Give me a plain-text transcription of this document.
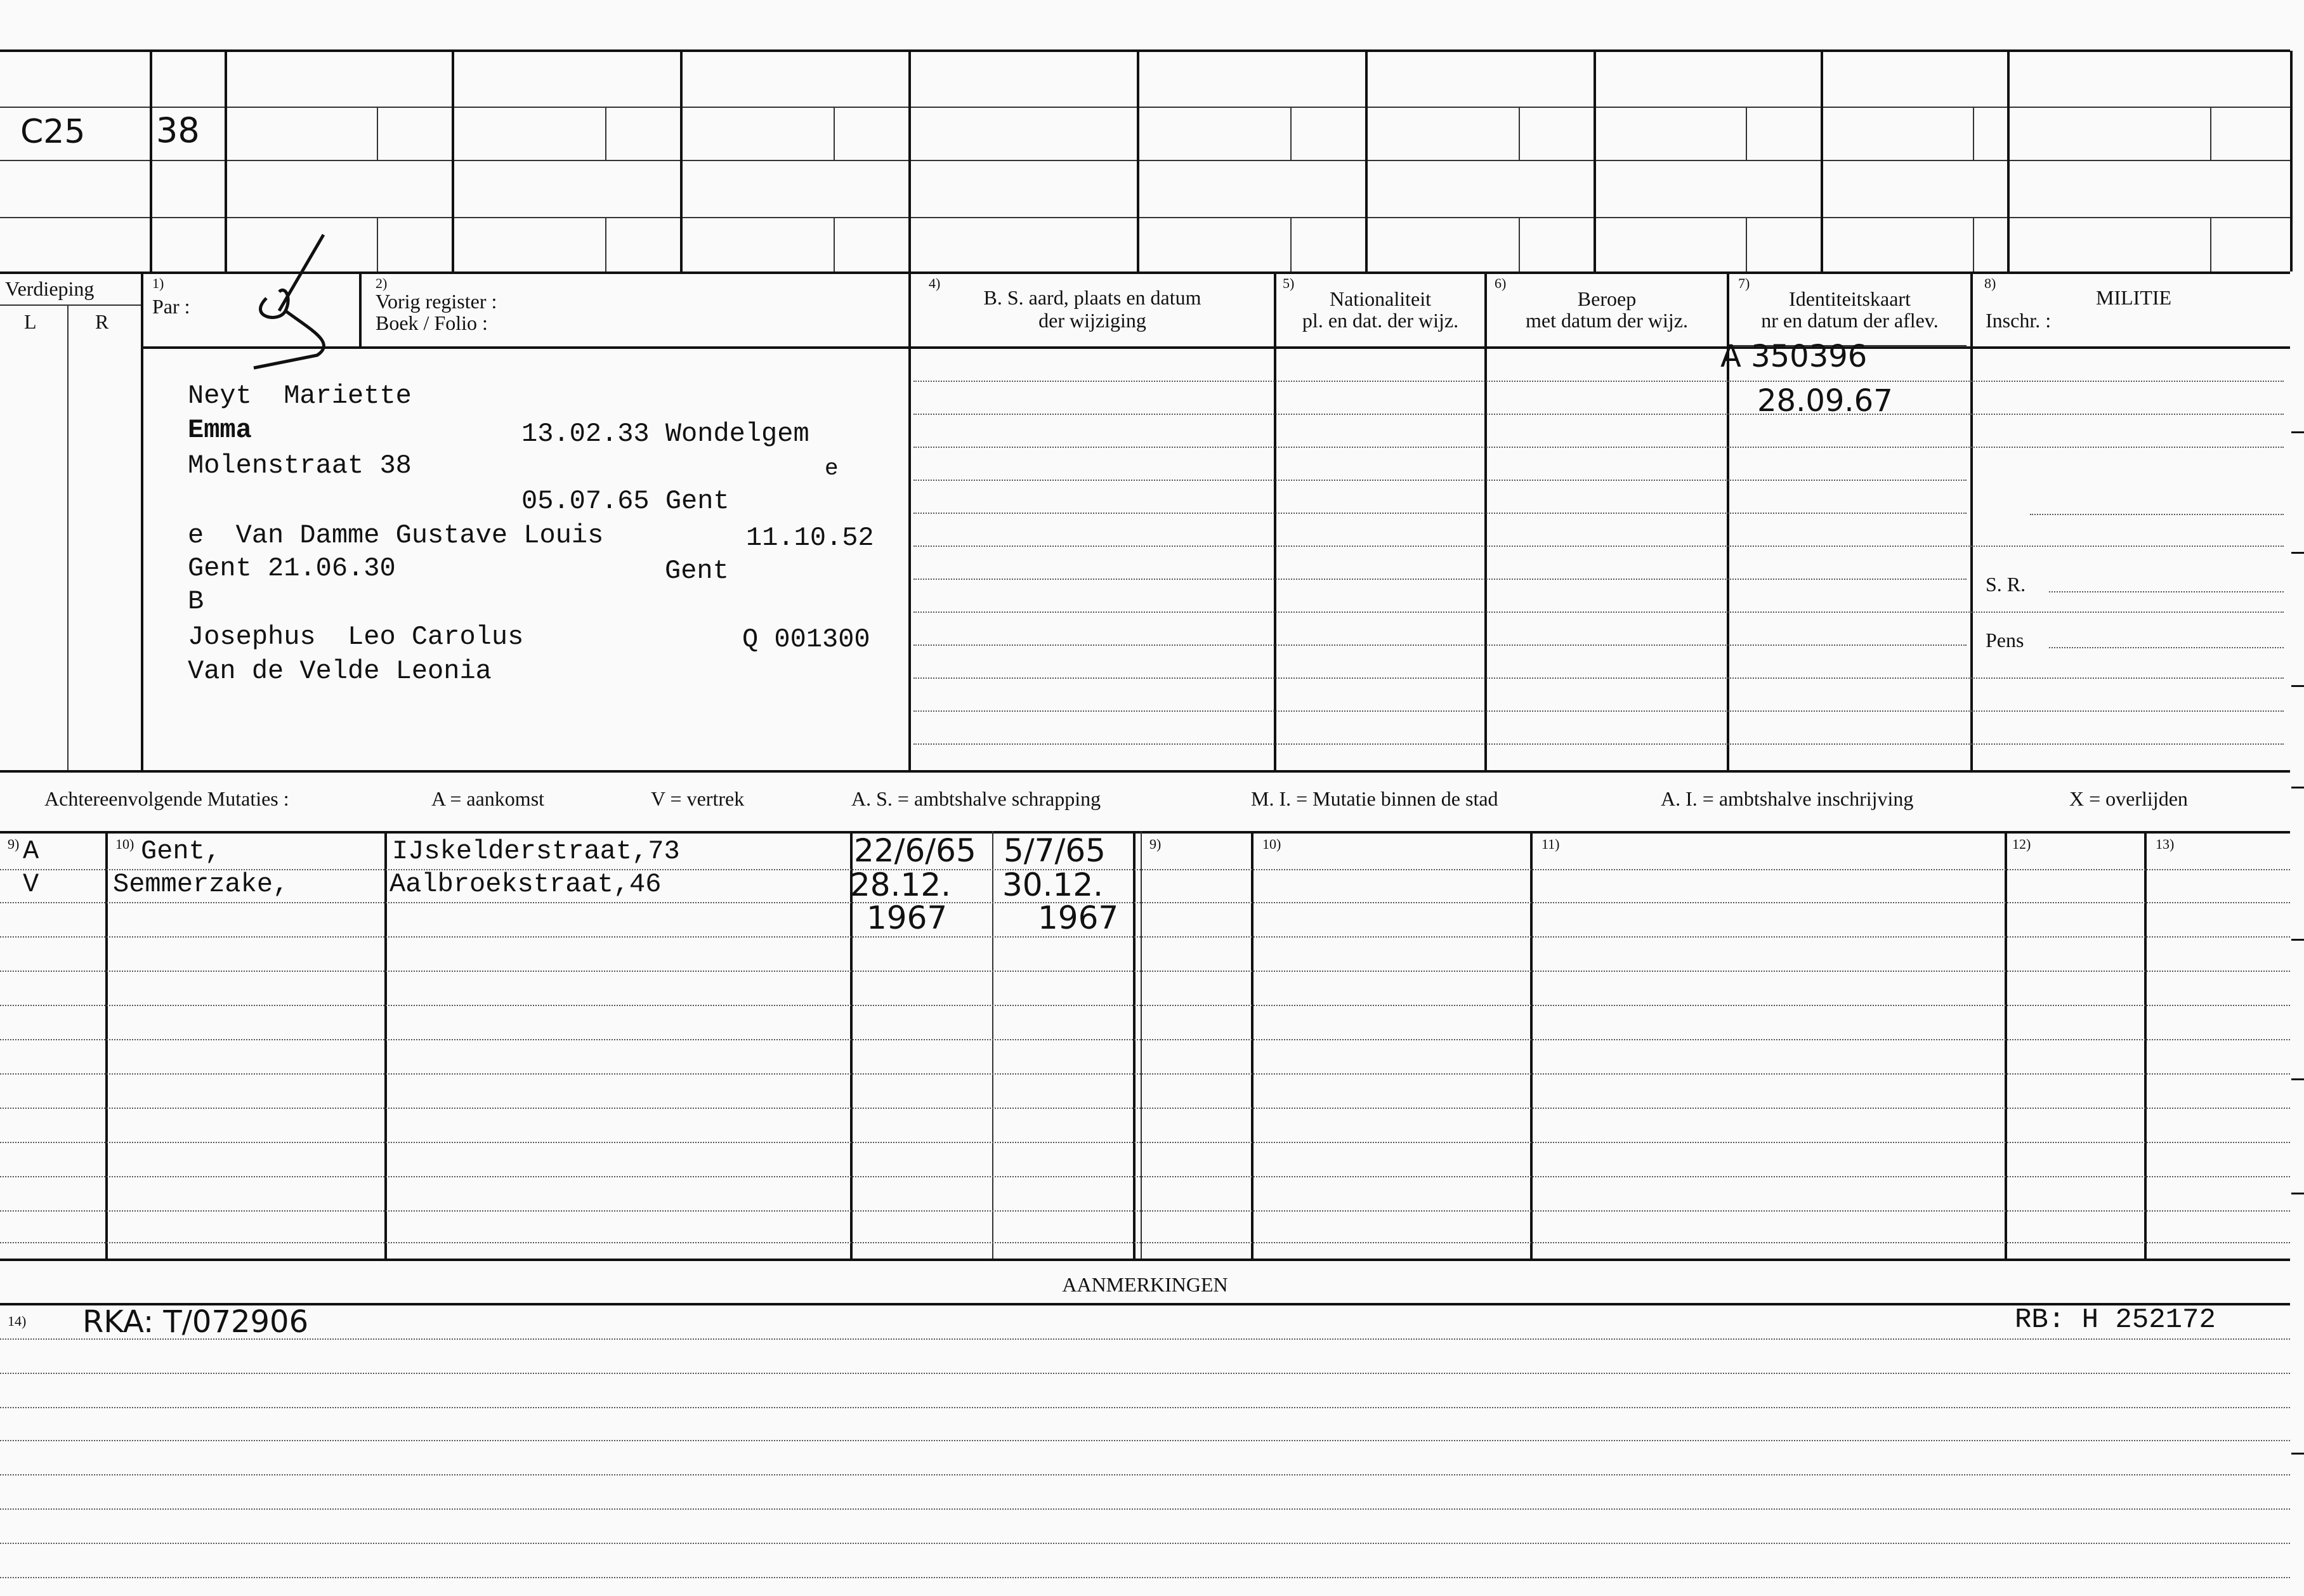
C25 38
Verdieping
L	R
1)
Par :
2)
Vorig register :
Boek / Folio :
4)
B. S. aard, plaats en datum
der wijziging
5)
Nationaliteit
pl. en dat. der wijz.
6)
Beroep
met datum der wijz.
7)
Identiteitskaart
nr en datum der aflev.
8)
MILITIE
Inschr. :
Neyt  Mariette
Emma	13.02.33 Wondelgem
Molenstraat 38	e
05.07.65 Gent
e  Van Damme Gustave Louis	11.10.52
Gent 21.06.30	Gent
B
Josephus  Leo Carolus	Q 001300
Van de Velde Leonia
A 350396
28.09.67
S. R.
Pens
Achtereenvolgende Mutaties :	A = aankomst	V = vertrek	A. S. = ambtshalve schrapping	M. I. = Mutatie binnen de stad	A. I. = ambtshalve inschrijving	X = overlijden
9)	10)	9)	10)	11)	12)	13)
A	Gent,	IJskelderstraat,73	22/6/65 5/7/65
V	Semmerzake,	Aalbroekstraat,46	28.12. 30.12.
1967	1967
AANMERKINGEN
14) RKA: T/072906	RB: H 252172
